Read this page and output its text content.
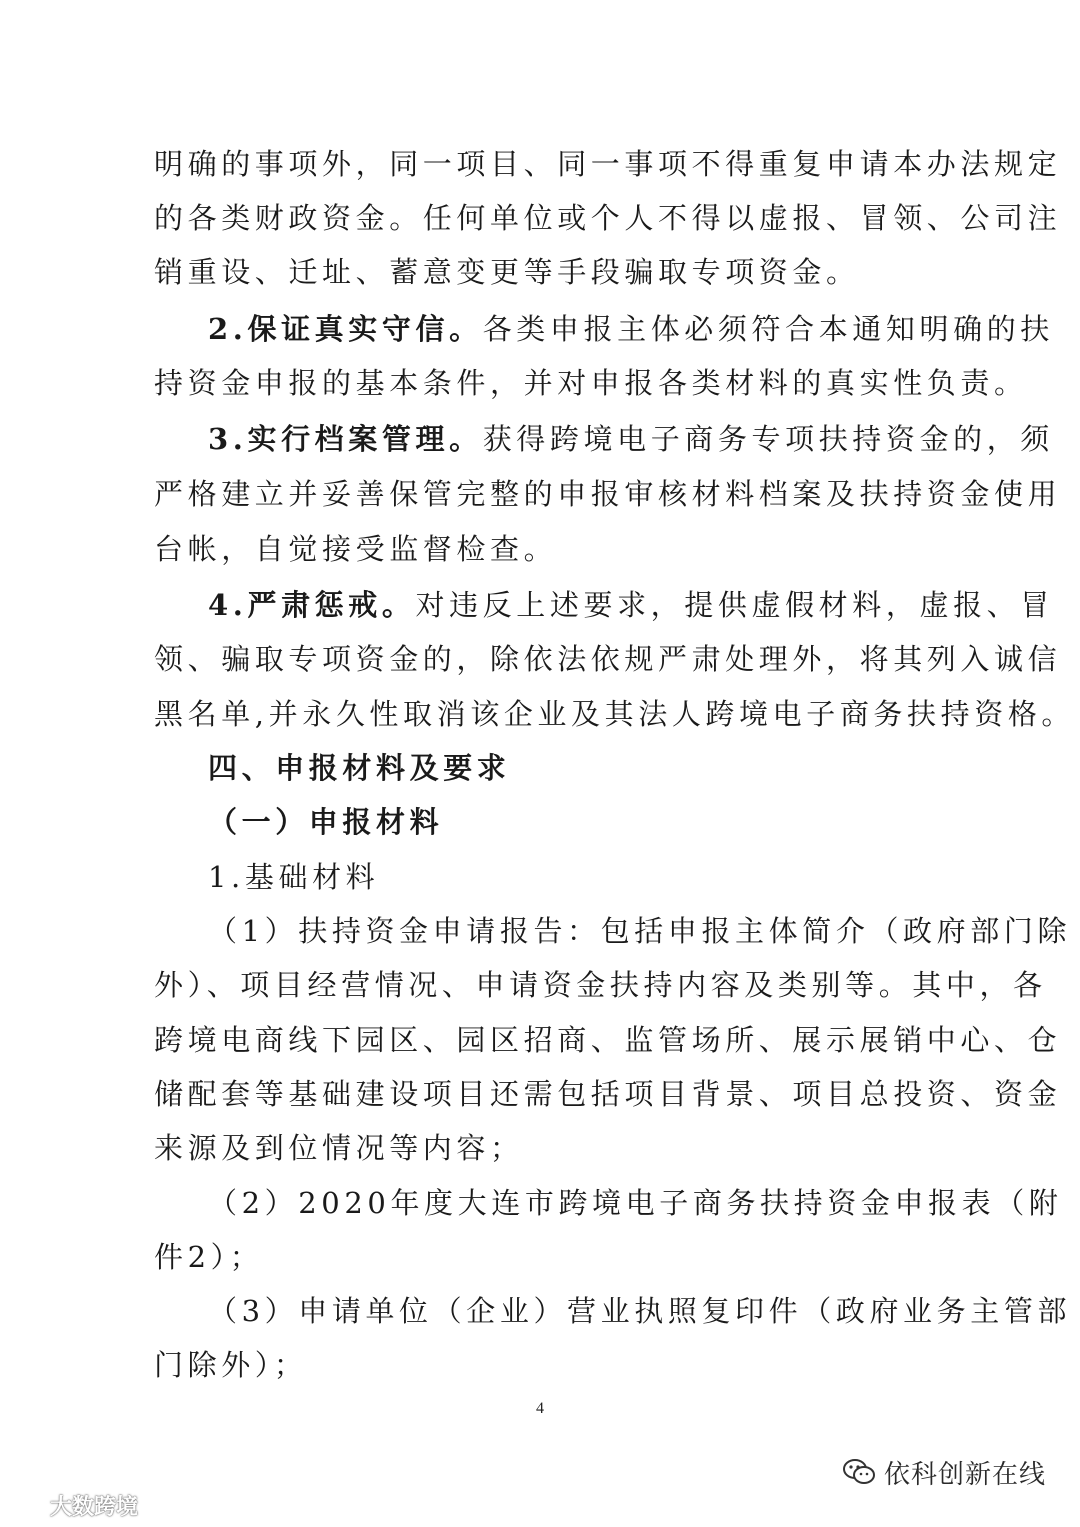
明确的事项外，同一项目、同一事项不得重复申请本办法规定
的各类财政资金。任何单位或个人不得以虚报、冒领、公司注
销重设、迁址、蓄意变更等手段骗取专项资金。
2.保证真实守信。各类申报主体必须符合本通知明确的扶
持资金申报的基本条件，并对申报各类材料的真实性负责。
3.实行档案管理。获得跨境电子商务专项扶持资金的，须
严格建立并妥善保管完整的申报审核材料档案及扶持资金使用
台帐，自觉接受监督检查。
4.严肃惩戒。对违反上述要求，提供虚假材料，虚报、冒
领、骗取专项资金的，除依法依规严肃处理外，将其列入诚信
黑名单,并永久性取消该企业及其法人跨境电子商务扶持资格。
四、申报材料及要求
（一）申报材料
1.基础材料
（1）扶持资金申请报告：包括申报主体简介（政府部门除
外）、项目经营情况、申请资金扶持内容及类别等。其中，各
跨境电商线下园区、园区招商、监管场所、展示展销中心、仓
储配套等基础建设项目还需包括项目背景、项目总投资、资金
来源及到位情况等内容；
（2）2020年度大连市跨境电子商务扶持资金申报表（附
件2）；
（3）申请单位（企业）营业执照复印件（政府业务主管部
门除外）；
4
依科创新在线
大数跨境
